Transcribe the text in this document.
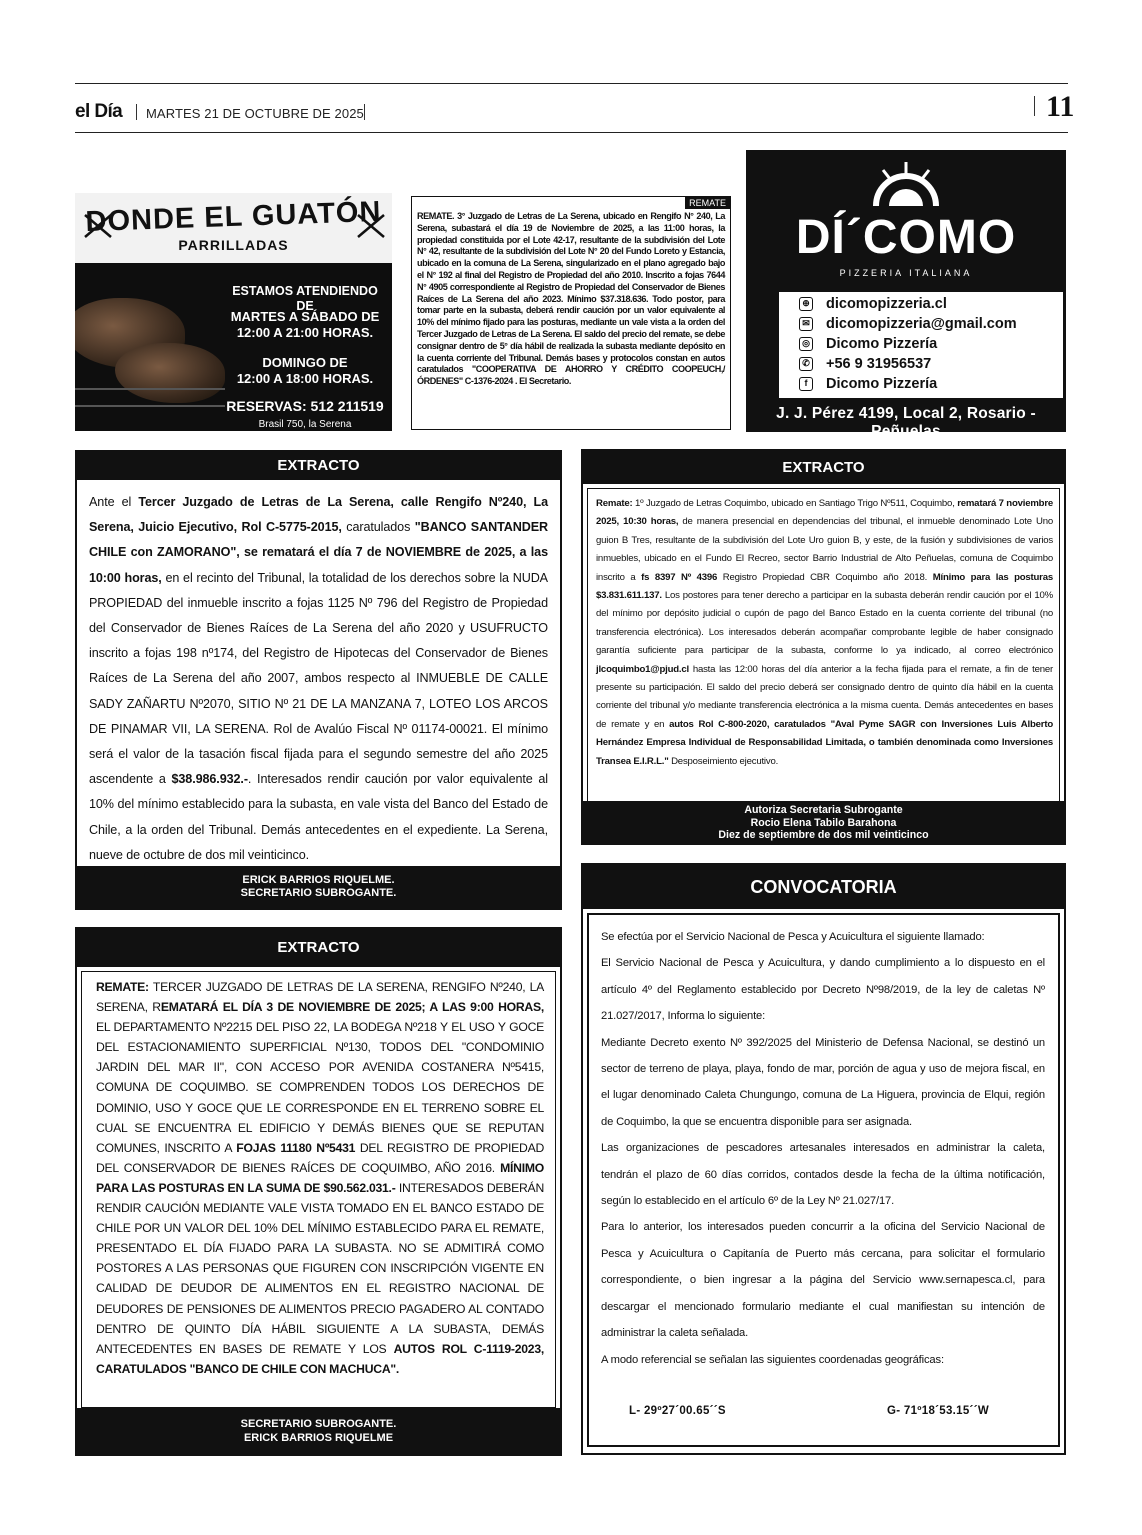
el Día MARTES 21 DE OCTUBRE DE 2025	11
DONDE EL GUATÓN
PARRILLADAS
ESTAMOS ATENDIENDO DE
MARTES A SÁBADO DE
12:00 A 21:00 HORAS.
DOMINGO DE
12:00 A 18:00 HORAS.
RESERVAS: 512 211519
Brasil 750, la Serena
REMATE
REMATE. 3° Juzgado de Letras de La Serena, ubicado en Rengifo N° 240, La Serena, subastará el día 19 de Noviembre de 2025, a las 11:00 horas, la propiedad constituida por el Lote 42-17, resultante de la subdivisión del Lote N° 42, resultante de la subdivisión del Lote N° 20 del Fundo Loreto y Estancia, ubicado en la comuna de La Serena, singularizado en el plano agregado bajo el N° 192 al final del Registro de Propiedad del año 2010. Inscrito a fojas 7644 N° 4905 correspondiente al Registro de Propiedad del Conservador de Bienes Raíces de La Serena del año 2023. Mínimo $37.318.636. Todo postor, para tomar parte en la subasta, deberá rendir caución por un valor equivalente al 10% del mínimo fijado para las posturas, mediante un vale vista a la orden del Tercer Juzgado de Letras de La Serena. El saldo del precio del remate, se debe consignar dentro de 5° día hábil de realizada la subasta mediante depósito en la cuenta corriente del Tribunal. Demás bases y protocolos constan en autos caratulados "COOPERATIVA DE AHORRO Y CRÉDITO COOPEUCH,/ÓRDENES" C-1376-2024 . El Secretario.
DÍ´COMO
PIZZERIA ITALIANA
⊕ dicomopizzeria.cl
✉ dicomopizzeria@gmail.com
◎ Dicomo Pizzería
✆ +56 9 31956537
f	Dicomo Pizzería
J. J. Pérez 4199, Local 2, Rosario - Peñuelas
EXTRACTO
Ante el Tercer Juzgado de Letras de La Serena, calle Rengifo Nº240, La Serena, Juicio Ejecutivo, Rol C-5775-2015, caratulados "BANCO SANTANDER CHILE con ZAMORANO", se rematará el día 7 de NOVIEMBRE de 2025, a las 10:00 horas, en el recinto del Tribunal, la totalidad de los derechos sobre la NUDA PROPIEDAD del inmueble inscrito a fojas 1125 Nº 796 del Registro de Propiedad del Conservador de Bienes Raíces de La Serena del año 2020 y USUFRUCTO inscrito a fojas 198 nº174, del Registro de Hipotecas del Conservador de Bienes Raíces de La Serena del año 2007, ambos respecto al INMUEBLE DE CALLE SADY ZAÑARTU Nº2070, SITIO Nº 21 DE LA MANZANA 7, LOTEO LOS ARCOS DE PINAMAR VII, LA SERENA. Rol de Avalúo Fiscal Nº 01174-00021. El mínimo será el valor de la tasación fiscal fijada para el segundo semestre del año 2025 ascendente a $38.986.932.-. Interesados rendir caución por valor equivalente al 10% del mínimo establecido para la subasta, en vale vista del Banco del Estado de Chile, a la orden del Tribunal. Demás antecedentes en el expediente. La Serena, nueve de octubre de dos mil veinticinco.
ERICK BARRIOS RIQUELME.
SECRETARIO SUBROGANTE.
EXTRACTO
Remate: 1º Juzgado de Letras Coquimbo, ubicado en Santiago Trigo Nº511, Coquimbo, rematará 7 noviembre 2025, 10:30 horas, de manera presencial en dependencias del tribunal, el inmueble denominado Lote Uno guion B Tres, resultante de la subdivisión del Lote Uro guion B, y este, de la fusión y subdivisiones de varios inmuebles, ubicado en el Fundo El Recreo, sector Barrio Industrial de Alto Peñuelas, comuna de Coquimbo inscrito a fs 8397 Nº 4396 Registro Propiedad CBR Coquimbo año 2018. Mínimo para las posturas $3.831.611.137. Los postores para tener derecho a participar en la subasta deberán rendir caución por el 10% del mínimo por depósito judicial o cupón de pago del Banco Estado en la cuenta corriente del tribunal (no transferencia electrónica). Los interesados deberán acompañar comprobante legible de haber consignado garantía suficiente para participar de la subasta, conforme lo ya indicado, al correo electrónico jlcoquimbo1@pjud.cl hasta las 12:00 horas del día anterior a la fecha fijada para el remate, a fin de tener presente su participación. El saldo del precio deberá ser consignado dentro de quinto día hábil en la cuenta corriente del tribunal y/o mediante transferencia electrónica a la misma cuenta. Demás antecedentes en bases de remate y en autos Rol C-800-2020, caratulados "Aval Pyme SAGR con Inversiones Luis Alberto Hernández Empresa Individual de Responsabilidad Limitada, o también denominada como Inversiones Transea E.I.R.L." Desposeimiento ejecutivo.
Autoriza Secretaria Subrogante
Rocio Elena Tabilo Barahona
Diez de septiembre de dos mil veinticinco
EXTRACTO
REMATE: TERCER JUZGADO DE LETRAS DE LA SERENA, RENGIFO Nº240, LA SERENA, REMATARÁ EL DÍA 3 DE NOVIEMBRE DE 2025; A LAS 9:00 HORAS, EL DEPARTAMENTO Nº2215 DEL PISO 22, LA BODEGA Nº218 Y EL USO Y GOCE DEL ESTACIONAMIENTO SUPERFICIAL Nº130, TODOS DEL "CONDOMINIO JARDIN DEL MAR II", CON ACCESO POR AVENIDA COSTANERA Nº5415, COMUNA DE COQUIMBO. SE COMPRENDEN TODOS LOS DERECHOS DE DOMINIO, USO Y GOCE QUE LE CORRESPONDE EN EL TERRENO SOBRE EL CUAL SE ENCUENTRA EL EDIFICIO Y DEMÁS BIENES QUE SE REPUTAN COMUNES, INSCRITO A FOJAS 11180 Nº5431 DEL REGISTRO DE PROPIEDAD DEL CONSERVADOR DE BIENES RAÍCES DE COQUIMBO, AÑO 2016. MÍNIMO PARA LAS POSTURAS EN LA SUMA DE $90.562.031.- INTERESADOS DEBERÁN RENDIR CAUCIÓN MEDIANTE VALE VISTA TOMADO EN EL BANCO ESTADO DE CHILE POR UN VALOR DEL 10% DEL MÍNIMO ESTABLECIDO PARA EL REMATE, PRESENTADO EL DÍA FIJADO PARA LA SUBASTA. NO SE ADMITIRÁ COMO POSTORES A LAS PERSONAS QUE FIGUREN CON INSCRIPCIÓN VIGENTE EN CALIDAD DE DEUDOR DE ALIMENTOS EN EL REGISTRO NACIONAL DE DEUDORES DE PENSIONES DE ALIMENTOS PRECIO PAGADERO AL CONTADO DENTRO DE QUINTO DÍA HÁBIL SIGUIENTE A LA SUBASTA, DEMÁS ANTECEDENTES EN BASES DE REMATE Y LOS AUTOS ROL C-1119-2023, CARATULADOS "BANCO DE CHILE CON MACHUCA".
SECRETARIO SUBROGANTE.
ERICK BARRIOS RIQUELME
CONVOCATORIA

Se efectúa por el Servicio Nacional de Pesca y Acuicultura el siguiente llamado:

El Servicio Nacional de Pesca y Acuicultura, y dando cumplimiento a lo dispuesto en el artículo 4º del Reglamento establecido por Decreto Nº98/2019, de la ley de caletas Nº 21.027/2017, Informa lo siguiente:

Mediante Decreto exento Nº 392/2025 del Ministerio de Defensa Nacional, se destinó un sector de terreno de playa, playa, fondo de mar, porción de agua y uso de mejora fiscal, en el lugar denominado Caleta Chungungo, comuna de La Higuera, provincia de Elqui, región de Coquimbo, la que se encuentra disponible para ser asignada.

Las organizaciones de pescadores artesanales interesados en administrar la caleta, tendrán el plazo de 60 días corridos, contados desde la fecha de la última notificación, según lo establecido en el artículo 6º de la Ley Nº 21.027/17.

Para lo anterior, los interesados pueden concurrir a la oficina del Servicio Nacional de Pesca y Acuicultura o Capitanía de Puerto más cercana, para solicitar el formulario correspondiente, o bien ingresar a la página del Servicio www.sernapesca.cl, para descargar el mencionado formulario mediante el cual manifiestan su intención de administrar la caleta señalada.

A modo referencial se señalan las siguientes coordenadas geográficas:

L- 29º27´00.65´´S	G- 71º18´53.15´´W
